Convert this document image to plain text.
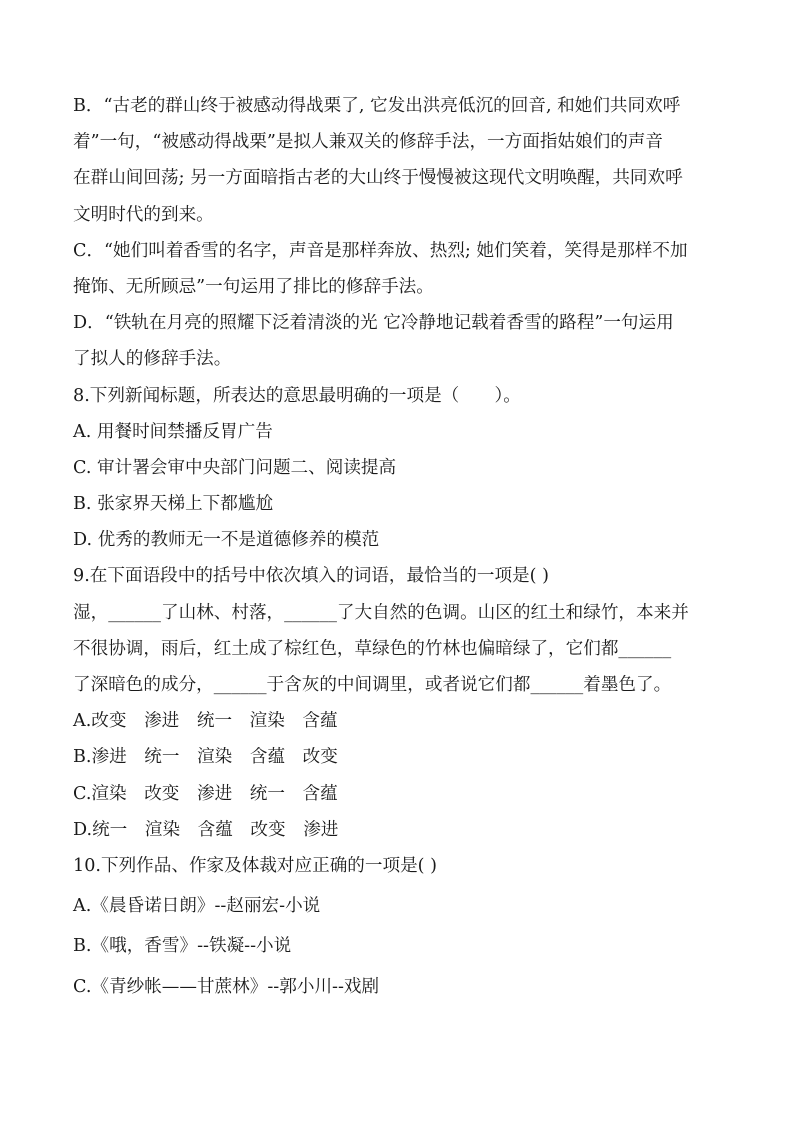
B．“古老的群山终于被感动得战栗了, 它发出洪亮低沉的回音, 和她们共同欢呼
着”一句，“被感动得战栗”是拟人兼双关的修辞手法，一方面指姑娘们的声音
在群山间回荡; 另一方面暗指古老的大山终于慢慢被这现代文明唤醒，共同欢呼
文明时代的到来。
C．“她们叫着香雪的名字，声音是那样奔放、热烈; 她们笑着，笑得是那样不加
掩饰、无所顾忌”一句运用了排比的修辞手法。
D．“铁轨在月亮的照耀下泛着清淡的光 它冷静地记载着香雪的路程”一句运用
了拟人的修辞手法。
8.下列新闻标题，所表达的意思最明确的一项是（　　）。
A. 用餐时间禁播反胃广告
C. 审计署会审中央部门问题二、阅读提高
B. 张家界天梯上下都尴尬
D. 优秀的教师无一不是道德修养的模范
9.在下面语段中的括号中依次填入的词语，最恰当的一项是( )
湿，______了山林、村落，______了大自然的色调。山区的红土和绿竹，本来并
不很协调，雨后，红土成了棕红色，草绿色的竹林也偏暗绿了，它们都______
了深暗色的成分，______于含灰的中间调里，或者说它们都______着墨色了。
A.改变　渗进　统一　渲染　含蕴
B.渗进　统一　渲染　含蕴　改变
C.渲染　改变　渗进　统一　含蕴
D.统一　渲染　含蕴　改变　渗进
10.下列作品、作家及体裁对应正确的一项是( )
A.《晨昏诺日朗》--赵丽宏-小说
B.《哦，香雪》--铁凝--小说
C.《青纱帐——甘蔗林》--郭小川--戏剧
